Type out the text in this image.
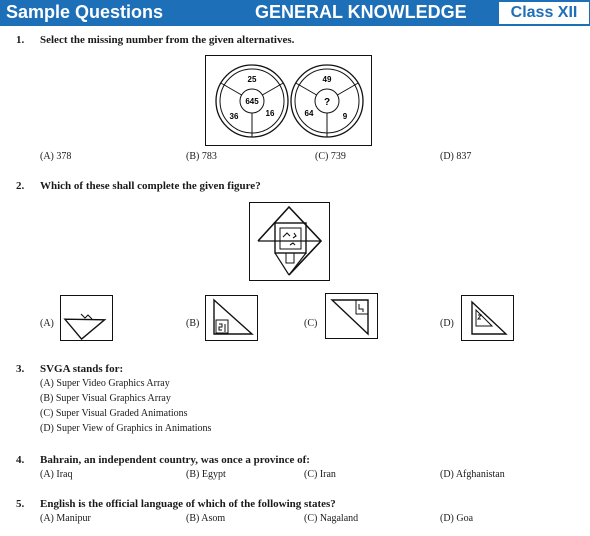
Sample Questions	GENERAL KNOWLEDGE	Class XII
1. Select the missing number from the given alternatives.
25
36	16
645
49
64	9
?
(A) 378	(B) 783	(C) 739	(D) 837
2. Which of these shall complete the given figure?
(A)	(B)	(C)	(D)
3. SVGA stands for:
(A) Super Video Graphics Array
(B) Super Visual Graphics Array
(C) Super Visual Graded Animations
(D) Super View of Graphics in Animations
4. Bahrain, an independent country, was once a province of:
(A) Iraq	(B) Egypt	(C) Iran	(D) Afghanistan
5. English is the official language of which of the following states?
(A) Manipur	(B) Asom	(C) Nagaland	(D) Goa
